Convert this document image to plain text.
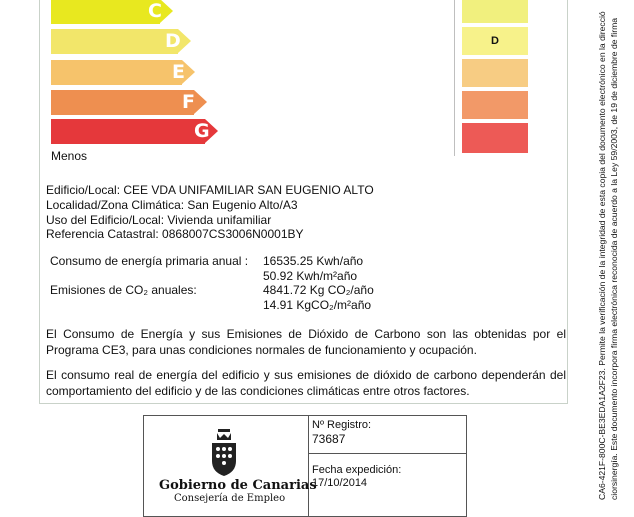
C
D
E
F
G
Menos
D
Edificio/Local: CEE VDA UNIFAMILIAR SAN EUGENIO ALTO
Localidad/Zona Climática: San Eugenio Alto/A3
Uso del Edificio/Local: Vivienda unifamiliar
Referencia Catastral: 0868007CS3006N0001BY
Consumo de energía primaria anual : 16535.25 Kwh/año
50.92 Kwh/m²año
Emisiones de CO₂ anuales:	4841.72 Kg CO₂/año
14.91 KgCO₂/m²año
El Consumo de Energía y sus Emisiones de Dióxido de Carbono son las obtenidas por el Programa CE3, para unas condiciones normales de funcionamiento y ocupación.
El consumo real de energía del edificio y sus emisiones de dióxido de carbono dependerán del comportamiento del edificio y de las condiciones climáticas entre otros factores.
Gobierno de Canarias
Consejería de Empleo
Nº Registro:
73687
Fecha expedición:
17/10/2014	CA6-421F-800C-BE3EDA1A2F23. Permite la verificación de la integridad de esta copia del documento electrónico en la direcció ciorsinergía. Este documento incorpora firma electrónica reconocida de acuerdo a la Ley 59/2003, de 19 de diciembre de firma
